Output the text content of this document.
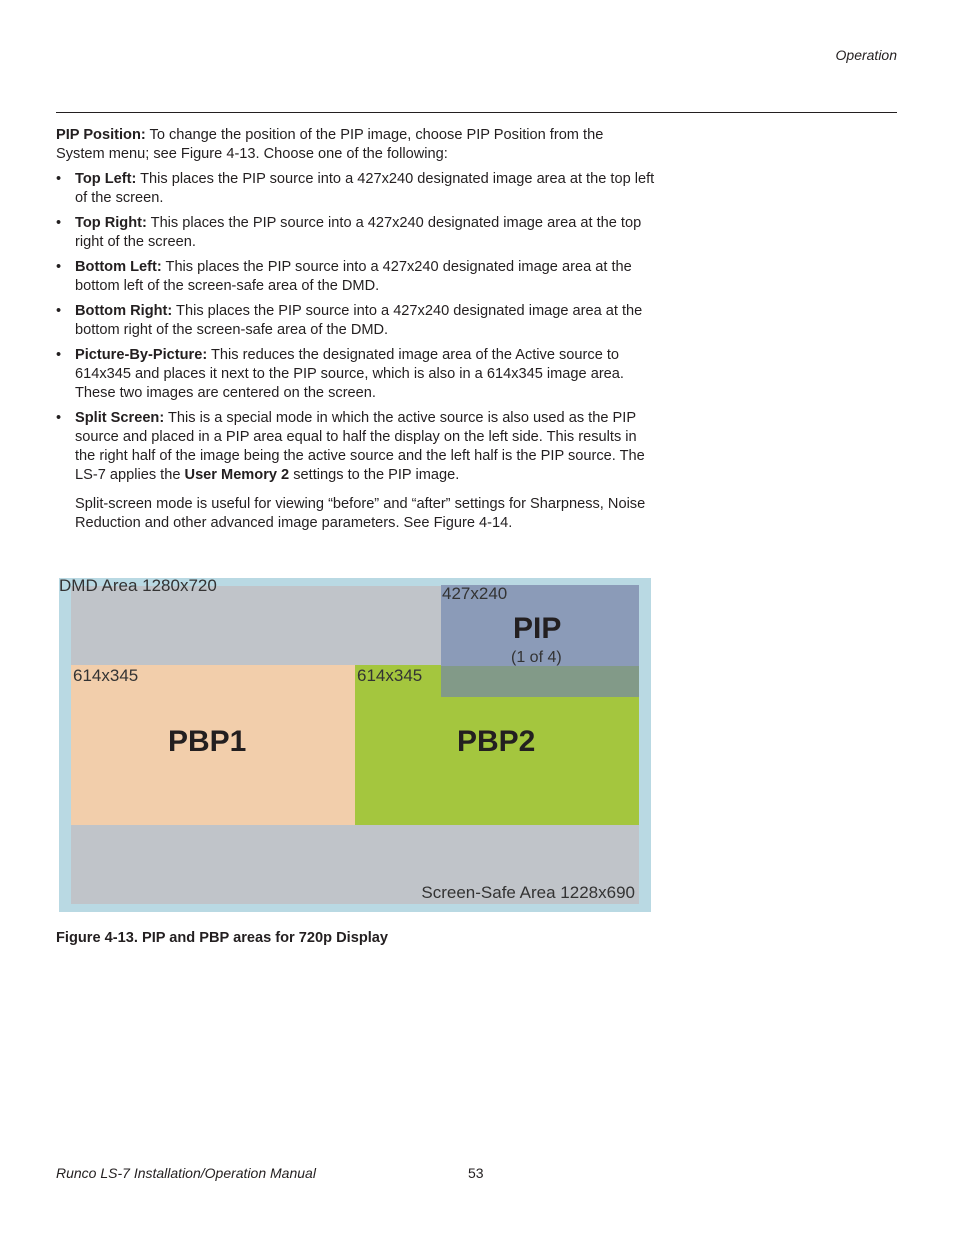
Operation

PIP Position: To change the position of the PIP image, choose PIP Position from the System menu; see Figure 4-13. Choose one of the following:

• Top Left: This places the PIP source into a 427x240 designated image area at the top left of the screen.
• Top Right: This places the PIP source into a 427x240 designated image area at the top right of the screen.
• Bottom Left: This places the PIP source into a 427x240 designated image area at the bottom left of the screen-safe area of the DMD.
• Bottom Right: This places the PIP source into a 427x240 designated image area at the bottom right of the screen-safe area of the DMD.
• Picture-By-Picture: This reduces the designated image area of the Active source to 614x345 and places it next to the PIP source, which is also in a 614x345 image area. These two images are centered on the screen.
• Split Screen: This is a special mode in which the active source is also used as the PIP source and placed in a PIP area equal to half the display on the left side. This results in the right half of the image being the active source and the left half is the PIP source. The LS-7 applies the User Memory 2 settings to the PIP image.

Split-screen mode is useful for viewing “before” and “after” settings for Sharpness, Noise Reduction and other advanced image parameters. See Figure 4-14.

DMD Area 1280x720	427x240
PIP
(1 of 4)
614x345	614x345
PBP1	PBP2
Screen-Safe Area 1228x690
Figure 4-13. PIP and PBP areas for 720p Display
Runco LS-7 Installation/Operation Manual	53
